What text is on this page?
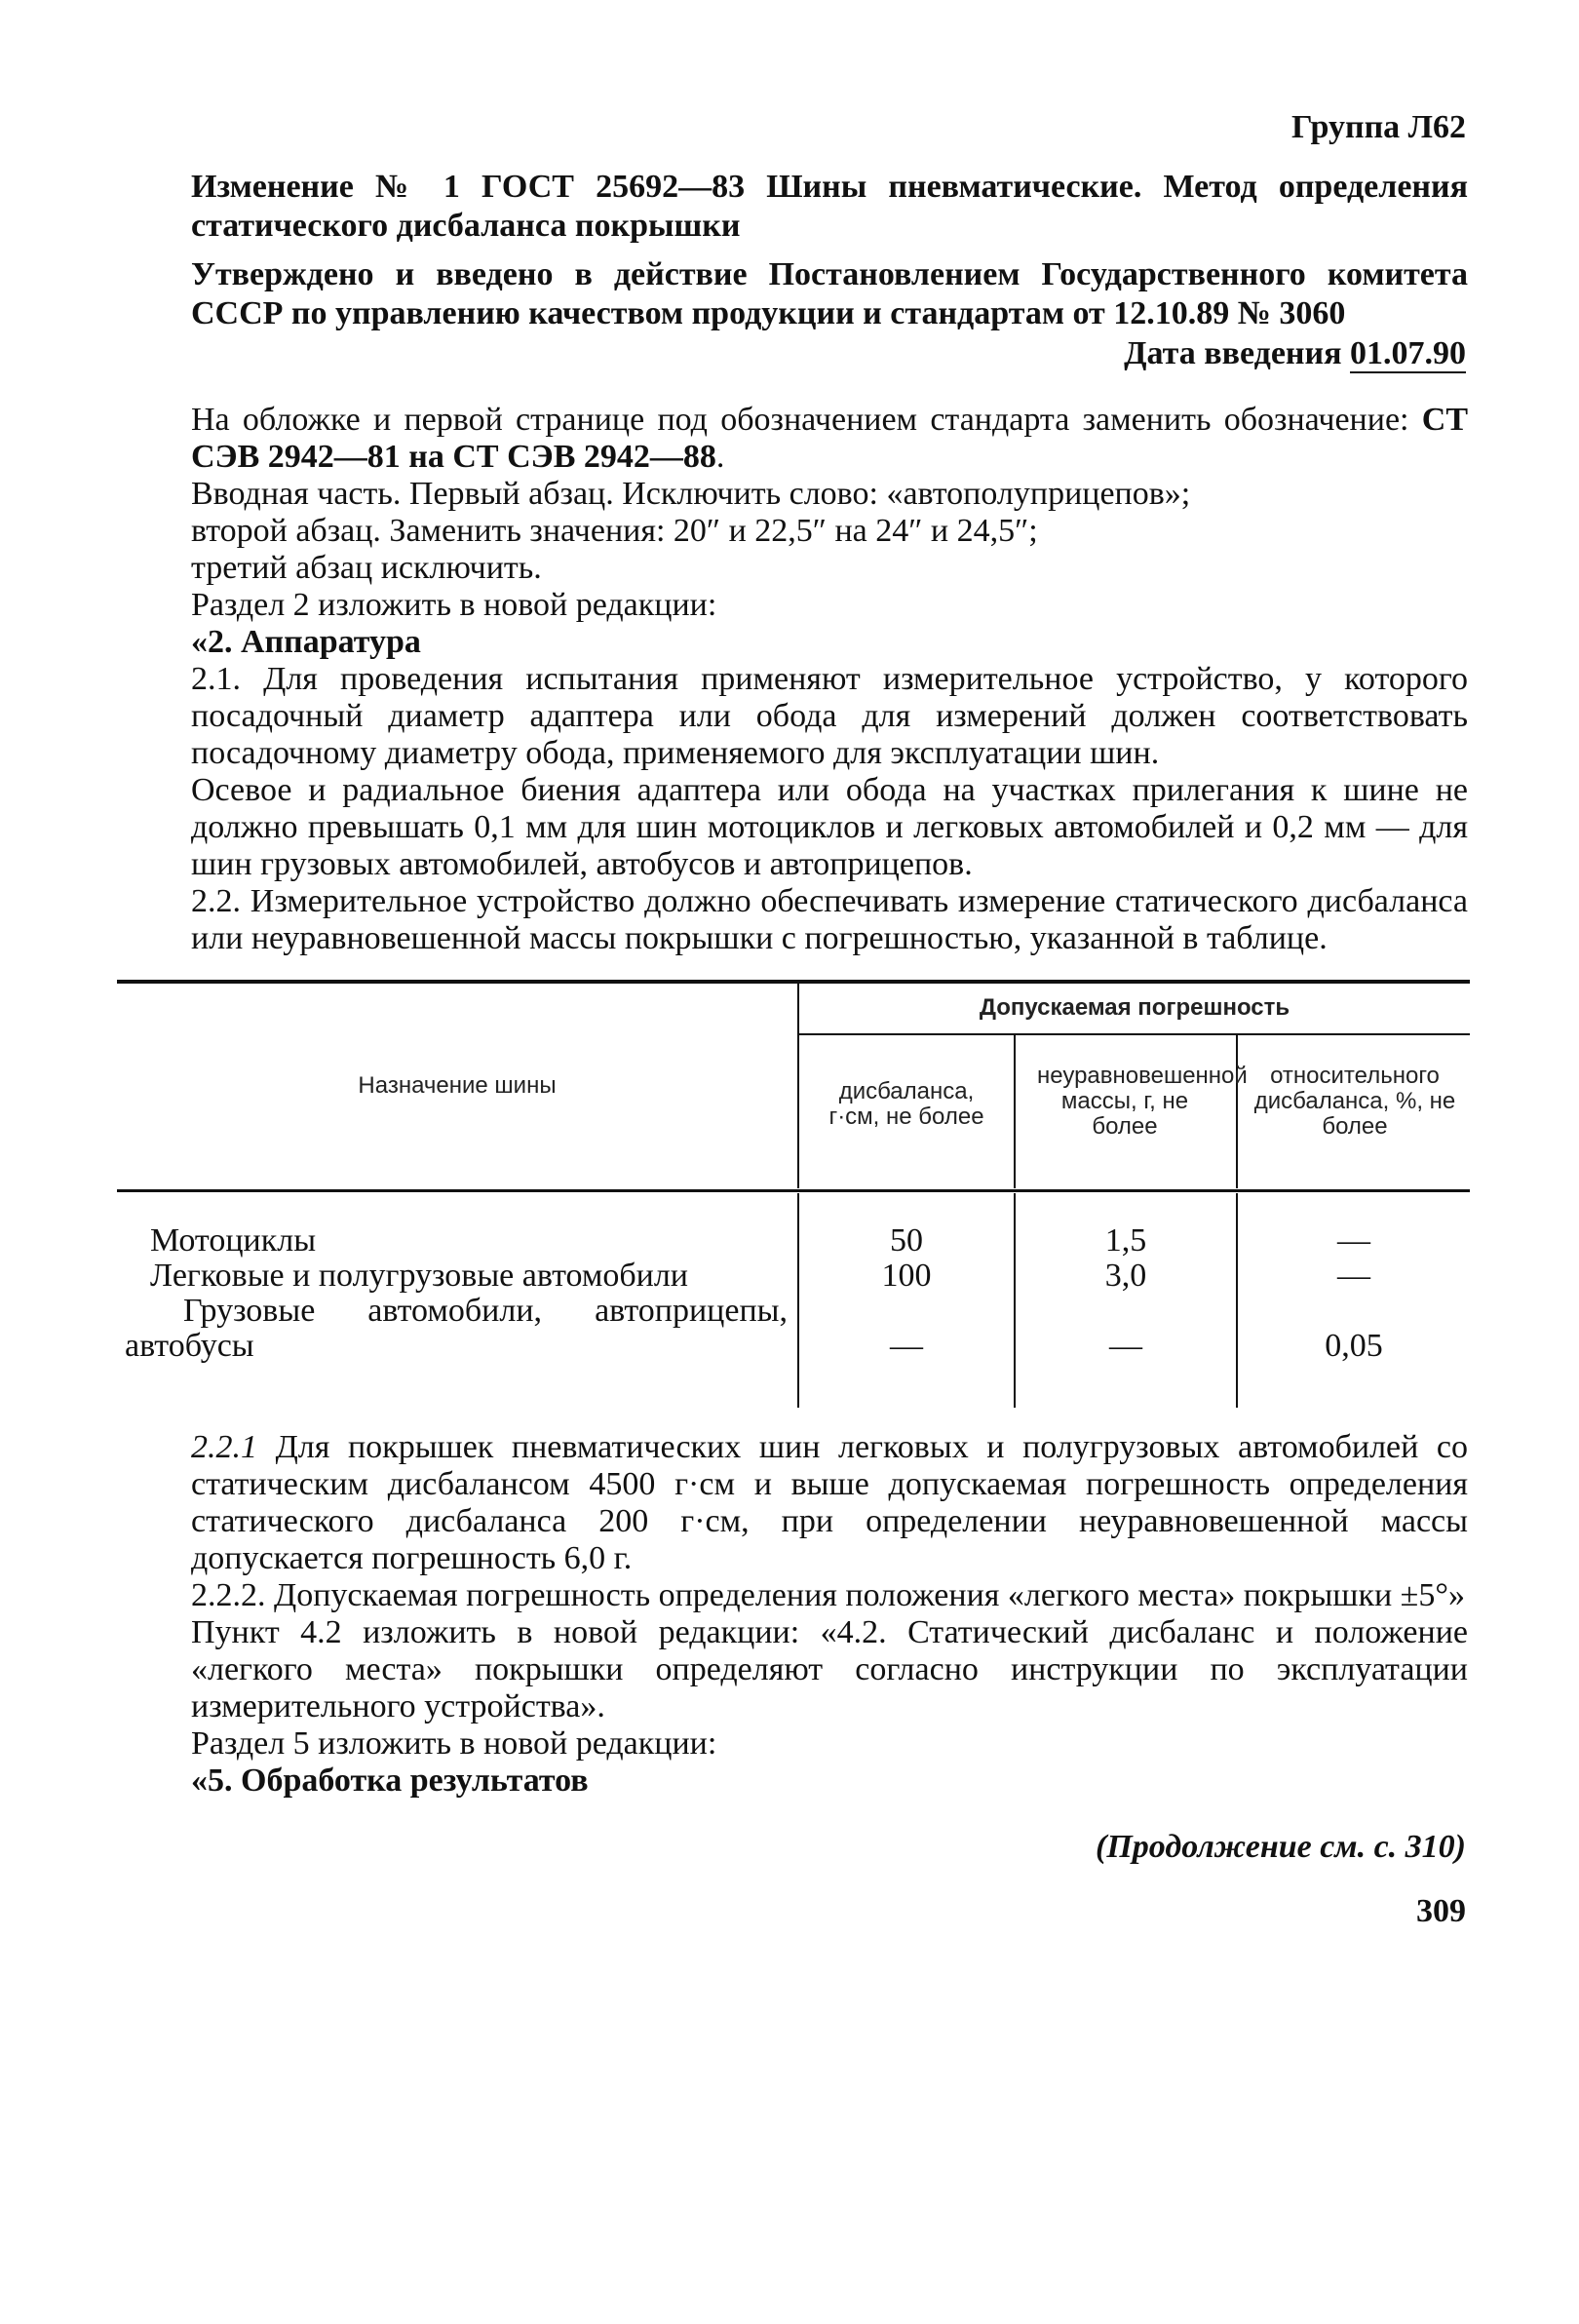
Группа Л62
Изменение № 1 ГОСТ 25692—83 Шины пневматические. Метод определения статического дисбаланса покрышки
Утверждено и введено в действие Постановлением Государственного комитета СССР по управлению качеством продукции и стандартам от 12.10.89 № 3060
Дата введения 01.07.90

На обложке и первой странице под обозначением стандарта заменить обозначение: СТ СЭВ 2942—81 на СТ СЭВ 2942—88.

Вводная часть. Первый абзац. Исключить слово: «автополуприцепов»;

второй абзац. Заменить значения: 20″ и 22,5″ на 24″ и 24,5″;

третий абзац исключить.

Раздел 2 изложить в новой редакции:

«2. Аппаратура

2.1. Для проведения испытания применяют измерительное устройство, у которого посадочный диаметр адаптера или обода для измерений должен соответствовать посадочному диаметру обода, применяемого для эксплуатации шин.

Осевое и радиальное биения адаптера или обода на участках прилегания к шине не должно превышать 0,1 мм для шин мотоциклов и легковых автомобилей и 0,2 мм — для шин грузовых автомобилей, автобусов и автоприцепов.

2.2. Измерительное устройство должно обеспечивать измерение статического дисбаланса или неуравновешенной массы покрышки с погрешностью, указанной в таблице.

Назначение шины
Допускаемая погрешность
дисбаланса, г·см, не более
неуравновешенной массы, г, не более
относительного дисбаланса, %, не более
Мотоциклы	50	1,5	—
Легковые и полугрузовые автомобили	100	3,0	—
Грузовые автомобили, автоприцепы,
автобусы	—	—	0,05

2.2.1 Для покрышек пневматических шин легковых и полугрузовых автомобилей со статическим дисбалансом 4500 г·см и выше допускаемая погрешность определения статического дисбаланса 200 г·см, при определении неуравновешенной массы допускается погрешность 6,0 г.

2.2.2. Допускаемая погрешность определения положения «легкого места» покрышки ±5°»

Пункт 4.2 изложить в новой редакции: «4.2. Статический дисбаланс и положение «легкого места» покрышки определяют согласно инструкции по эксплуатации измерительного устройства».

Раздел 5 изложить в новой редакции:

«5. Обработка результатов

(Продолжение см. с. 310)
309
